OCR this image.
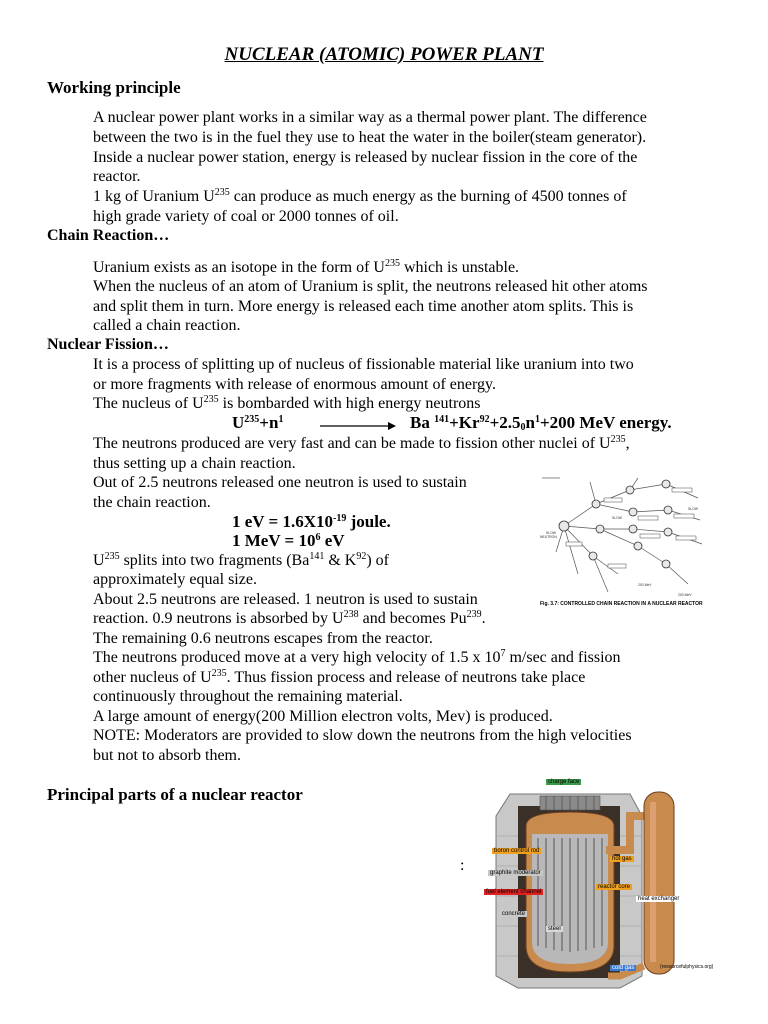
NUCLEAR (ATOMIC) POWER PLANT
Working principle
A nuclear power plant works in a similar way as a thermal power plant. The difference
between the two is in the fuel they use to heat the water in the boiler(steam generator).
Inside a nuclear power station, energy is released by nuclear fission in the core of the
reactor.
1 kg of Uranium $U^{235}$ can produce as much energy as the burning of 4500 tonnes of
high grade variety of coal or 2000 tonnes of oil.
Chain Reaction…
Uranium exists as an isotope in the form of $U^{235}$ which is unstable.
When the nucleus of an atom of Uranium is split, the neutrons released hit other atoms
and split them in turn. More energy is released each time another atom splits. This is
called a chain reaction.
Nuclear Fission…
It is a process of splitting up of nucleus of fissionable material like uranium into two
or more fragments with release of enormous amount of energy.
The nucleus of $U^{235}$ is bombarded with high energy neutrons
$U^{235}+n^1$	Ba $^{141}+Kr^{92}+2.5_0n^1+200$ MeV energy.
The neutrons produced are very fast and can be made to fission other nuclei of $U^{235}$,
thus setting up a chain reaction.
Out of 2.5 neutrons released one neutron is used to sustain
the chain reaction.
1 eV = $1.6X10^{-19}$ joule.
1 MeV = $10^6$ eV
$U^{235}$ splits into two fragments (Ba$^{141}$ & $K^{92}$) of
approximately equal size.
About 2.5 neutrons are released. 1 neutron is used to sustain
reaction. 0.9 neutrons is absorbed by $U^{238}$ and becomes Pu$^{239}$.
The remaining 0.6 neutrons escapes from the reactor.
The neutrons produced move at a very high velocity of 1.5 x $10^7$ m/sec and fission
other nucleus of $U^{235}$. Thus fission process and release of neutrons take place
continuously throughout the remaining material.
A large amount of energy(200 Million electron volts, Mev) is produced.
NOTE: Moderators are provided to slow down the neutrons from the high velocities
but not to absorb them.
Principal parts of a nuclear reactor
:
SLOW
NEUTRON
SLOW
SLOW
200 MeV
200 MeV
Fig. 3.7: CONTROLLED CHAIN REACTION IN A NUCLEAR REACTOR
charge face
boron control rod
hot gas
graphite moderator
fuel element channel
reactor core
heat exchanger
concrete
steel
cold gas	(resourcefulphysics.org)
